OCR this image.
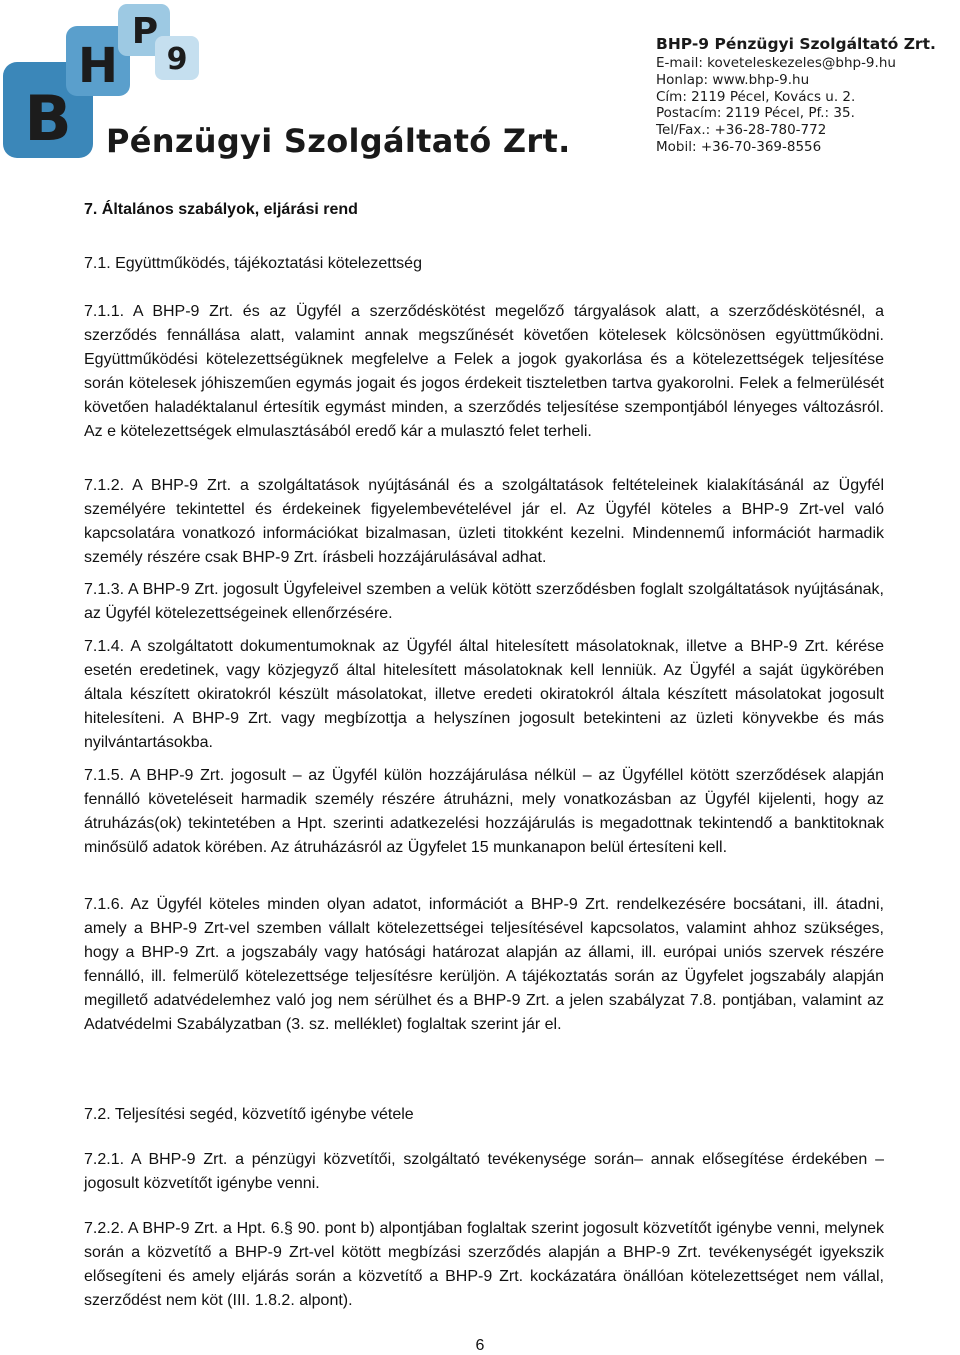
B
H
P
9
Pénzügyi Szolgáltató Zrt.
BHP-9 Pénzügyi Szolgáltató Zrt.
E-mail: koveteleskezeles@bhp-9.hu
Honlap: www.bhp-9.hu
Cím: 2119 Pécel, Kovács u. 2.
Postacím: 2119 Pécel, Pf.: 35.
Tel/Fax.: +36-28-780-772
Mobil: +36-70-369-8556
7. Általános szabályok, eljárási rend
7.1. Együttműködés, tájékoztatási kötelezettség

7.1.1. A BHP-9 Zrt. és az Ügyfél a szerződéskötést megelőző tárgyalások alatt, a szerződéskötésnél, a szerződés fennállása alatt, valamint annak megszűnését követően kötelesek kölcsönösen együttműködni. Együttműködési kötelezettségüknek megfelelve a Felek a jogok gyakorlása és a kötelezettségek teljesítése során kötelesek jóhiszeműen egymás jogait és jogos érdekeit tiszteletben tartva gyakorolni. Felek a felmerülését követően haladéktalanul értesítik egymást minden, a szerződés teljesítése szempontjából lényeges változásról. Az e kötelezettségek elmulasztásából eredő kár a mulasztó felet terheli.

7.1.2. A BHP-9 Zrt. a szolgáltatások nyújtásánál és a szolgáltatások feltételeinek kialakításánál az Ügyfél személyére tekintettel és érdekeinek figyelembevételével jár el. Az Ügyfél köteles a BHP-9 Zrt-vel való kapcsolatára vonatkozó információkat bizalmasan, üzleti titokként kezelni. Mindennemű információt harmadik személy részére csak BHP-9 Zrt. írásbeli hozzájárulásával adhat.

7.1.3. A BHP-9 Zrt. jogosult Ügyfeleivel szemben a velük kötött szerződésben foglalt szolgáltatások nyújtásának, az Ügyfél kötelezettségeinek ellenőrzésére.

7.1.4. A szolgáltatott dokumentumoknak az Ügyfél által hitelesített másolatoknak, illetve a BHP-9 Zrt. kérése esetén eredetinek, vagy közjegyző által hitelesített másolatoknak kell lenniük. Az Ügyfél a saját ügykörében általa készített okiratokról készült másolatokat, illetve eredeti okiratokról általa készített másolatokat jogosult hitelesíteni. A BHP-9 Zrt. vagy megbízottja a helyszínen jogosult betekinteni az üzleti könyvekbe és más nyilvántartásokba.

7.1.5. A BHP-9 Zrt. jogosult – az Ügyfél külön hozzájárulása nélkül – az Ügyféllel kötött szerződések alapján fennálló követeléseit harmadik személy részére átruházni, mely vonatkozásban az Ügyfél kijelenti, hogy az átruházás(ok) tekintetében a Hpt. szerinti adatkezelési hozzájárulás is megadottnak tekintendő a banktitoknak minősülő adatok körében. Az átruházásról az Ügyfelet 15 munkanapon belül értesíteni kell.

7.1.6. Az Ügyfél köteles minden olyan adatot, információt a BHP-9 Zrt. rendelkezésére bocsátani, ill. átadni, amely a BHP-9 Zrt-vel szemben vállalt kötelezettségei teljesítésével kapcsolatos, valamint ahhoz szükséges, hogy a BHP-9 Zrt. a jogszabály vagy hatósági határozat alapján az állami, ill. európai uniós szervek részére fennálló, ill. felmerülő kötelezettsége teljesítésre kerüljön. A tájékoztatás során az Ügyfelet jogszabály alapján megillető adatvédelemhez való jog nem sérülhet és a BHP-9 Zrt. a jelen szabályzat 7.8. pontjában, valamint az Adatvédelmi Szabályzatban (3. sz. melléklet) foglaltak szerint jár el.

7.2. Teljesítési segéd, közvetítő igénybe vétele

7.2.1. A BHP-9 Zrt. a pénzügyi közvetítői, szolgáltató tevékenysége során– annak elősegítése érdekében – jogosult közvetítőt igénybe venni.

7.2.2. A BHP-9 Zrt. a Hpt. 6.§ 90. pont b) alpontjában foglaltak szerint jogosult közvetítőt igénybe venni, melynek során a közvetítő a BHP-9 Zrt-vel kötött megbízási szerződés alapján a BHP-9 Zrt. tevékenységét igyekszik elősegíteni és amely eljárás során a közvetítő a BHP-9 Zrt. kockázatára önállóan kötelezettséget nem vállal, szerződést nem köt (III. 1.8.2. alpont).

6
